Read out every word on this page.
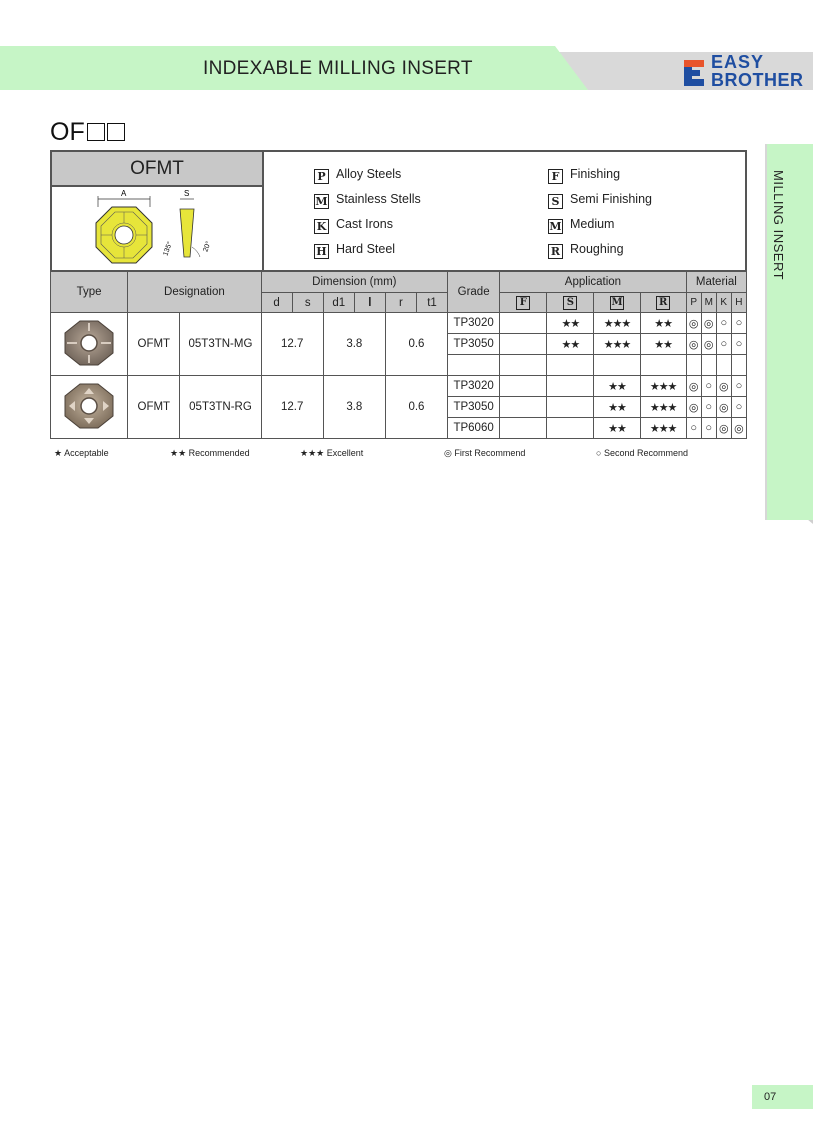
INDEXABLE MILLING INSERT	EASY
BROTHER
MILLING INSERT
OF
OFMT
A	S
135°	20°
P Alloy Steels
M Stainless Stells
K Cast Irons
H Hard Steel
F Finishing
S Semi Finishing
M Medium
R Roughing
Type	Designation		Dimension (mm)						Grade	Application				Material			
			d	s	d1	l	r	t1		F	S	M	R	P	M	K	H
	OFMT	05T3TN-MG	12.7		3.8		0.6		TP3020		★★	★★★	★★	◎	◎	○	○
									TP3050		★★	★★★	★★	◎	◎	○	○

	OFMT	05T3TN-RG	12.7		3.8		0.6		TP3020			★★	★★★	◎	○	◎	○
									TP3050			★★	★★★	◎	○	◎	○
									TP6060			★★	★★★	○	○	◎	◎
★ Acceptable	★★ Recommended	★★★ Excellent	◎ First Recommend	○ Second Recommend
07
